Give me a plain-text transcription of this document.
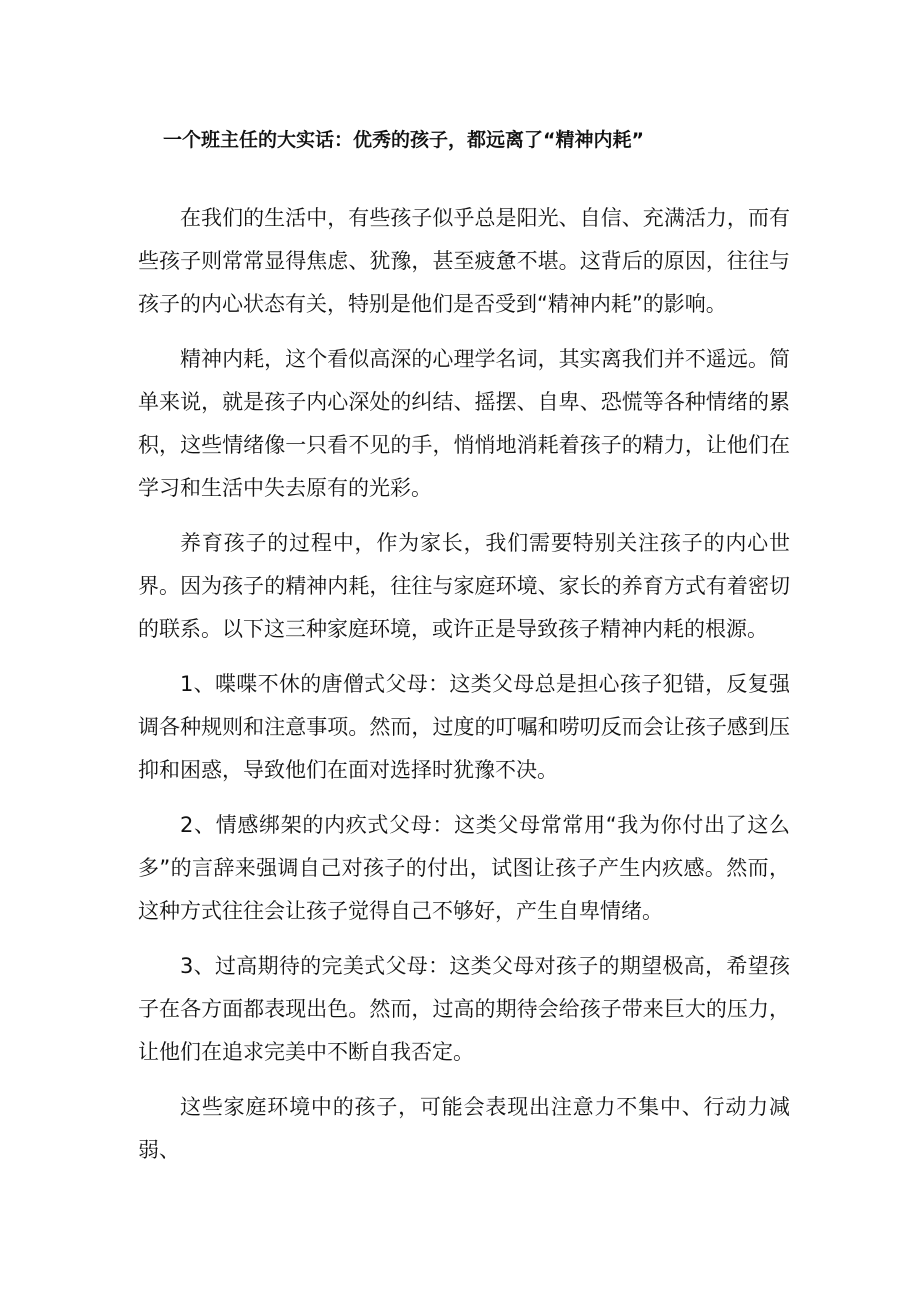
一个班主任的大实话：优秀的孩子，都远离了“精神内耗”

在我们的生活中，有些孩子似乎总是阳光、自信、充满活力，而有些孩子则常常显得焦虑、犹豫，甚至疲惫不堪。这背后的原因，往往与孩子的内心状态有关，特别是他们是否受到“精神内耗”的影响。

精神内耗，这个看似高深的心理学名词，其实离我们并不遥远。简单来说，就是孩子内心深处的纠结、摇摆、自卑、恐慌等各种情绪的累积，这些情绪像一只看不见的手，悄悄地消耗着孩子的精力，让他们在学习和生活中失去原有的光彩。

养育孩子的过程中，作为家长，我们需要特别关注孩子的内心世界。因为孩子的精神内耗，往往与家庭环境、家长的养育方式有着密切的联系。以下这三种家庭环境，或许正是导致孩子精神内耗的根源。

1、喋喋不休的唐僧式父母：这类父母总是担心孩子犯错，反复强调各种规则和注意事项。然而，过度的叮嘱和唠叨反而会让孩子感到压抑和困惑，导致他们在面对选择时犹豫不决。

2、情感绑架的内疚式父母：这类父母常常用“我为你付出了这么多”的言辞来强调自己对孩子的付出，试图让孩子产生内疚感。然而，这种方式往往会让孩子觉得自己不够好，产生自卑情绪。

3、过高期待的完美式父母：这类父母对孩子的期望极高，希望孩子在各方面都表现出色。然而，过高的期待会给孩子带来巨大的压力，让他们在追求完美中不断自我否定。

这些家庭环境中的孩子，可能会表现出注意力不集中、行动力减弱、
